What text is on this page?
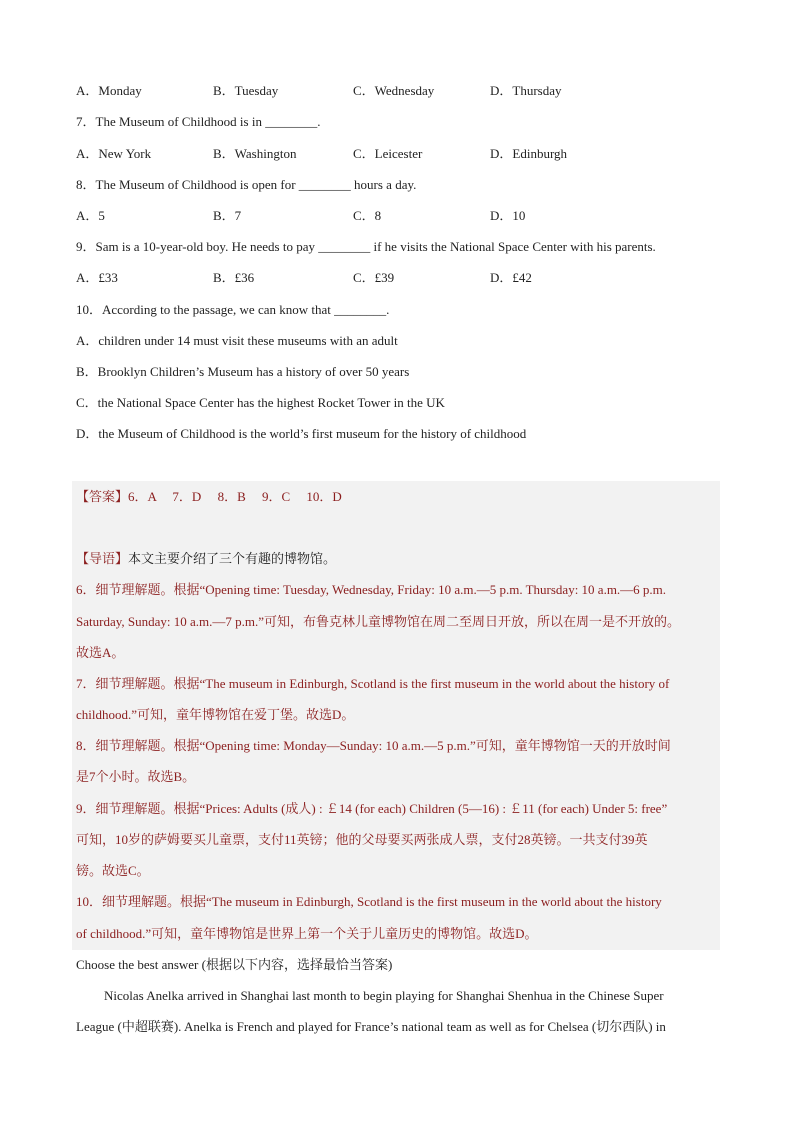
A．Monday	B．Tuesday	C．Wednesday	D．Thursday
7．The Museum of Childhood is in ________.
A．New York	B．Washington	C．Leicester	D．Edinburgh
8．The Museum of Childhood is open for ________ hours a day.
A．5	B．7	C．8	D．10
9．Sam is a 10-year-old boy. He needs to pay ________ if he visits the National Space Center with his parents.
A．£33	B．£36	C．£39	D．£42
10．According to the passage, we can know that ________.
A．children under 14 must visit these museums with an adult
B．Brooklyn Children’s Museum has a history of over 50 years
C．the National Space Center has the highest Rocket Tower in the UK
D．the Museum of Childhood is the world’s first museum for the history of childhood
【答案】6．A　 7．D　 8．B　 9．C　 10．D
【导语】本文主要介绍了三个有趣的博物馆。
6．细节理解题。根据“Opening time: Tuesday, Wednesday, Friday: 10 a.m.—5 p.m. Thursday: 10 a.m.—6 p.m.
Saturday, Sunday: 10 a.m.—7 p.m.”可知，布鲁克林儿童博物馆在周二至周日开放，所以在周一是不开放的。
故选A。
7．细节理解题。根据“The museum in Edinburgh, Scotland is the first museum in the world about the history of
childhood.”可知，童年博物馆在爱丁堡。故选D。
8．细节理解题。根据“Opening time: Monday—Sunday: 10 a.m.—5 p.m.”可知，童年博物馆一天的开放时间
是7个小时。故选B。
9．细节理解题。根据“Prices: Adults (成人) : ￡14 (for each) Children (5—16) : ￡11 (for each) Under 5: free”
可知，10岁的萨姆要买儿童票，支付11英镑；他的父母要买两张成人票，支付28英镑。一共支付39英
镑。故选C。
10．细节理解题。根据“The museum in Edinburgh, Scotland is the first museum in the world about the history
of childhood.”可知，童年博物馆是世界上第一个关于儿童历史的博物馆。故选D。
Choose the best answer (根据以下内容，选择最恰当答案)
Nicolas Anelka arrived in Shanghai last month to begin playing for Shanghai Shenhua in the Chinese Super
League (中超联赛). Anelka is French and played for France’s national team as well as for Chelsea (切尔西队) in
